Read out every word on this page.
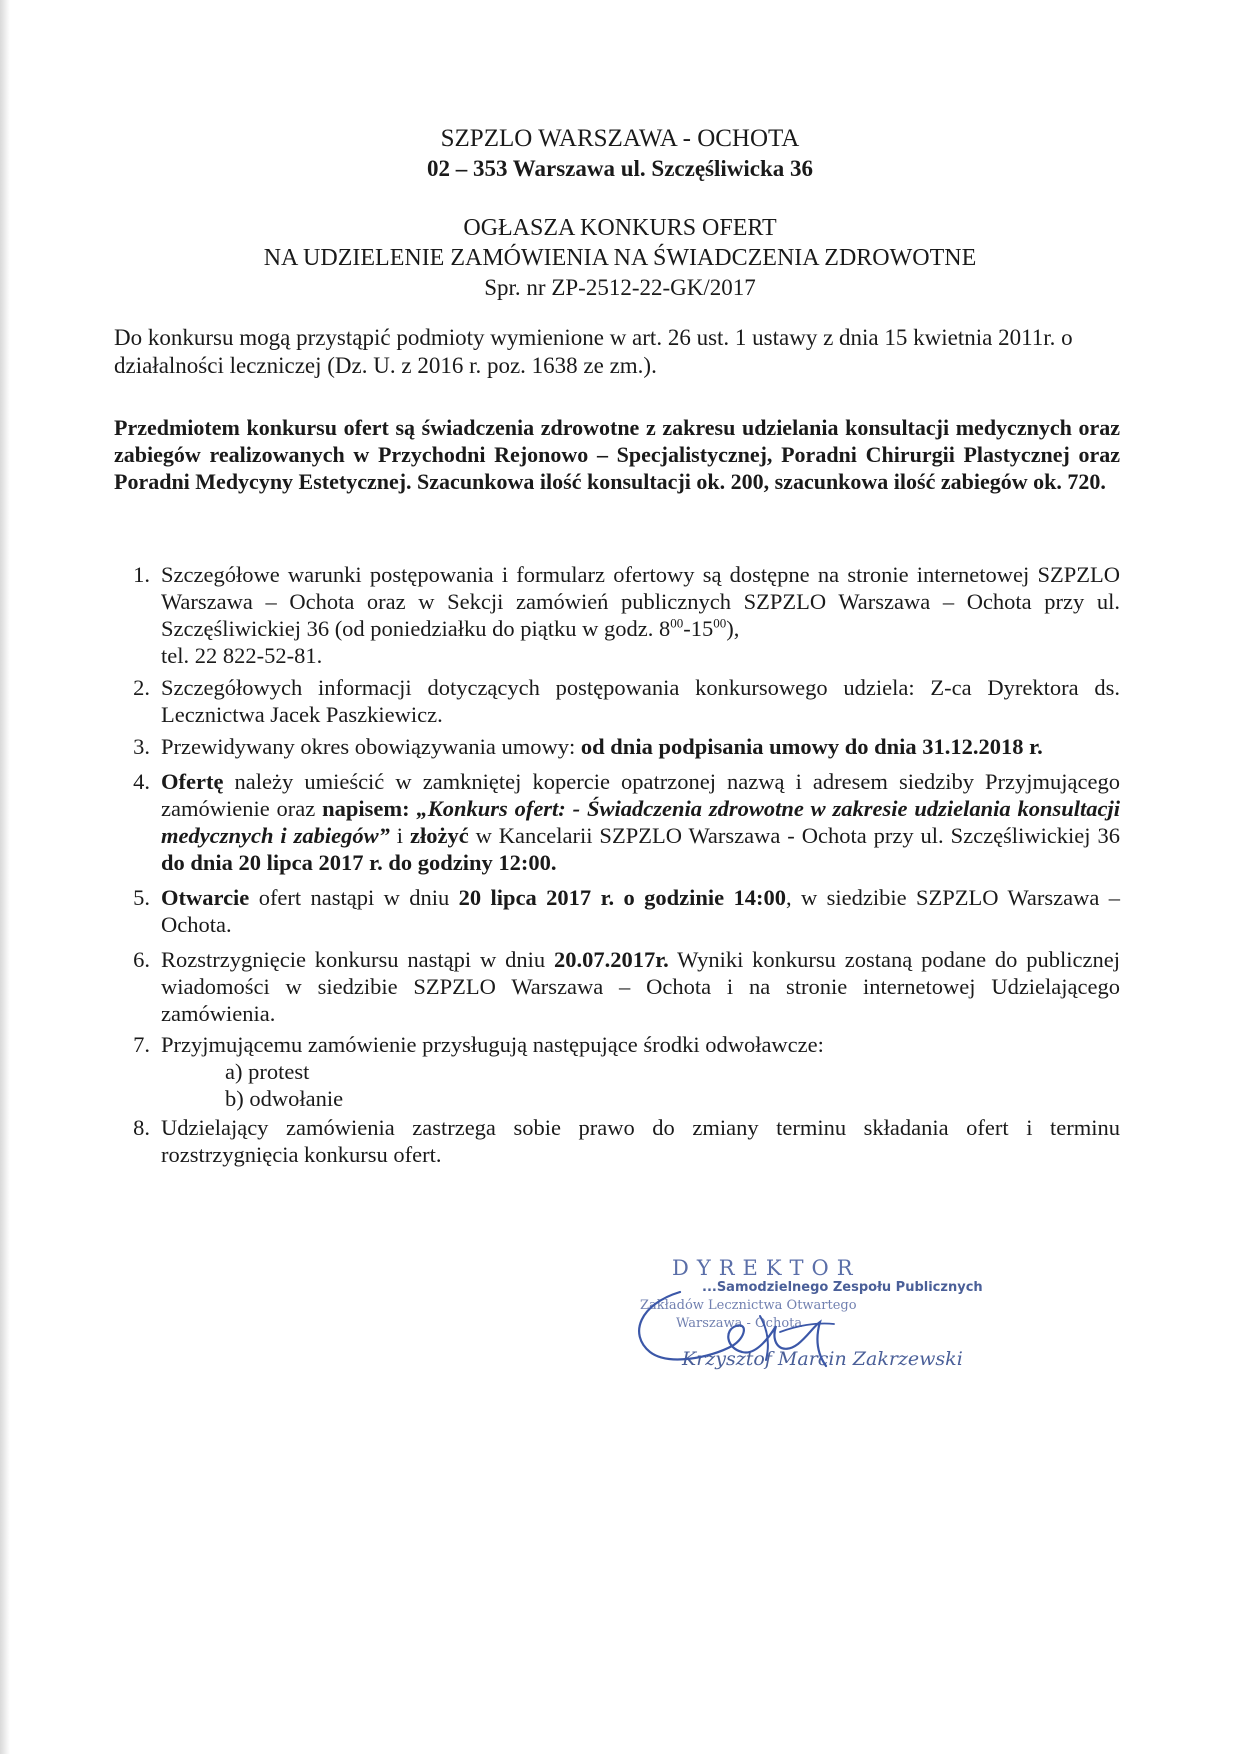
SZPZLO WARSZAWA - OCHOTA
02 – 353 Warszawa ul. Szczęśliwicka 36
OGŁASZA KONKURS OFERT
NA UDZIELENIE ZAMÓWIENIA NA ŚWIADCZENIA ZDROWOTNE
Spr. nr ZP-2512-22-GK/2017
Do konkursu mogą przystąpić podmioty wymienione w art. 26 ust. 1 ustawy z dnia 15 kwietnia 2011r. o działalności leczniczej (Dz. U. z 2016 r. poz. 1638 ze zm.).
Przedmiotem konkursu ofert są świadczenia zdrowotne z zakresu udzielania konsultacji medycznych oraz zabiegów realizowanych w Przychodni Rejonowo – Specjalistycznej, Poradni Chirurgii Plastycznej oraz Poradni Medycyny Estetycznej. Szacunkowa ilość konsultacji ok. 200, szacunkowa ilość zabiegów ok. 720.
1. Szczegółowe warunki postępowania i formularz ofertowy są dostępne na stronie internetowej SZPZLO Warszawa – Ochota oraz w Sekcji zamówień publicznych SZPZLO Warszawa – Ochota przy ul. Szczęśliwickiej 36 (od poniedziałku do piątku w godz. $8^{00}-15^{00}$),
tel. 22 822-52-81.
2. Szczegółowych informacji dotyczących postępowania konkursowego udziela: Z-ca Dyrektora ds. Lecznictwa Jacek Paszkiewicz.
3. Przewidywany okres obowiązywania umowy: od dnia podpisania umowy do dnia 31.12.2018 r.
4. Ofertę należy umieścić w zamkniętej kopercie opatrzonej nazwą i adresem siedziby Przyjmującego zamówienie oraz napisem: „Konkurs ofert: - Świadczenia zdrowotne w zakresie udzielania konsultacji medycznych i zabiegów” i złożyć w Kancelarii SZPZLO Warszawa - Ochota przy ul. Szczęśliwickiej 36 do dnia 20 lipca 2017 r. do godziny 12:00.
5. Otwarcie ofert nastąpi w dniu 20 lipca 2017 r. o godzinie 14:00, w siedzibie SZPZLO Warszawa – Ochota.
6. Rozstrzygnięcie konkursu nastąpi w dniu 20.07.2017r. Wyniki konkursu zostaną podane do publicznej wiadomości w siedzibie SZPZLO Warszawa – Ochota i na stronie internetowej Udzielającego zamówienia.
7. Przyjmującemu zamówienie przysługują następujące środki odwoławcze:
a) protest
b) odwołanie
8. Udzielający zamówienia zastrzega sobie prawo do zmiany terminu składania ofert i terminu rozstrzygnięcia konkursu ofert.
DYREKTOR
...Samodzielnego Zespołu Publicznych
Zakładów Lecznictwa Otwartego
Warszawa - Ochota
Krzysztof Marcin Zakrzewski
